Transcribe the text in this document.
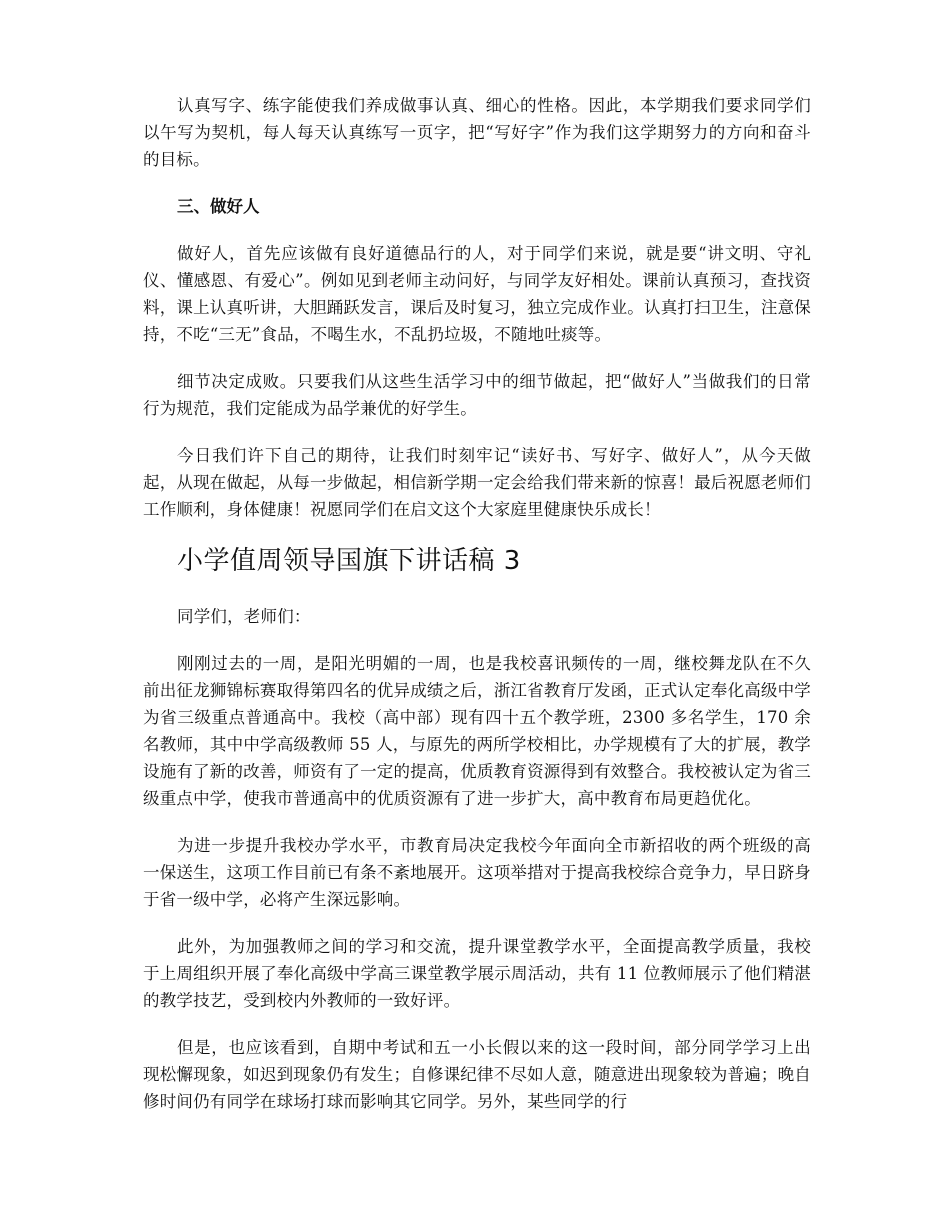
认真写字、练字能使我们养成做事认真、细心的性格。因此，本学期我们要求同学们以午写为契机，每人每天认真练写一页字，把“写好字”作为我们这学期努力的方向和奋斗的目标。

三、做好人

做好人，首先应该做有良好道德品行的人，对于同学们来说，就是要“讲文明、守礼仪、懂感恩、有爱心”。例如见到老师主动问好，与同学友好相处。课前认真预习，查找资料，课上认真听讲，大胆踊跃发言，课后及时复习，独立完成作业。认真打扫卫生，注意保持，不吃“三无”食品，不喝生水，不乱扔垃圾，不随地吐痰等。

细节决定成败。只要我们从这些生活学习中的细节做起，把“做好人”当做我们的日常行为规范，我们定能成为品学兼优的好学生。

今日我们许下自己的期待，让我们时刻牢记“读好书、写好字、做好人”，从今天做起，从现在做起，从每一步做起，相信新学期一定会给我们带来新的惊喜！最后祝愿老师们工作顺利，身体健康！祝愿同学们在启文这个大家庭里健康快乐成长！

小学值周领导国旗下讲话稿 3

同学们，老师们：

刚刚过去的一周，是阳光明媚的一周，也是我校喜讯频传的一周，继校舞龙队在不久前出征龙狮锦标赛取得第四名的优异成绩之后，浙江省教育厅发函，正式认定奉化高级中学为省三级重点普通高中。我校（高中部）现有四十五个教学班，2300 多名学生，170 余名教师，其中中学高级教师 55 人，与原先的两所学校相比，办学规模有了大的扩展，教学设施有了新的改善，师资有了一定的提高，优质教育资源得到有效整合。我校被认定为省三级重点中学，使我市普通高中的优质资源有了进一步扩大，高中教育布局更趋优化。

为进一步提升我校办学水平，市教育局决定我校今年面向全市新招收的两个班级的高一保送生，这项工作目前已有条不紊地展开。这项举措对于提高我校综合竞争力，早日跻身于省一级中学，必将产生深远影响。

此外，为加强教师之间的学习和交流，提升课堂教学水平，全面提高教学质量，我校于上周组织开展了奉化高级中学高三课堂教学展示周活动，共有 11 位教师展示了他们精湛的教学技艺，受到校内外教师的一致好评。

但是，也应该看到，自期中考试和五一小长假以来的这一段时间，部分同学学习上出现松懈现象，如迟到现象仍有发生；自修课纪律不尽如人意，随意进出现象较为普遍；晚自修时间仍有同学在球场打球而影响其它同学。另外，某些同学的行
